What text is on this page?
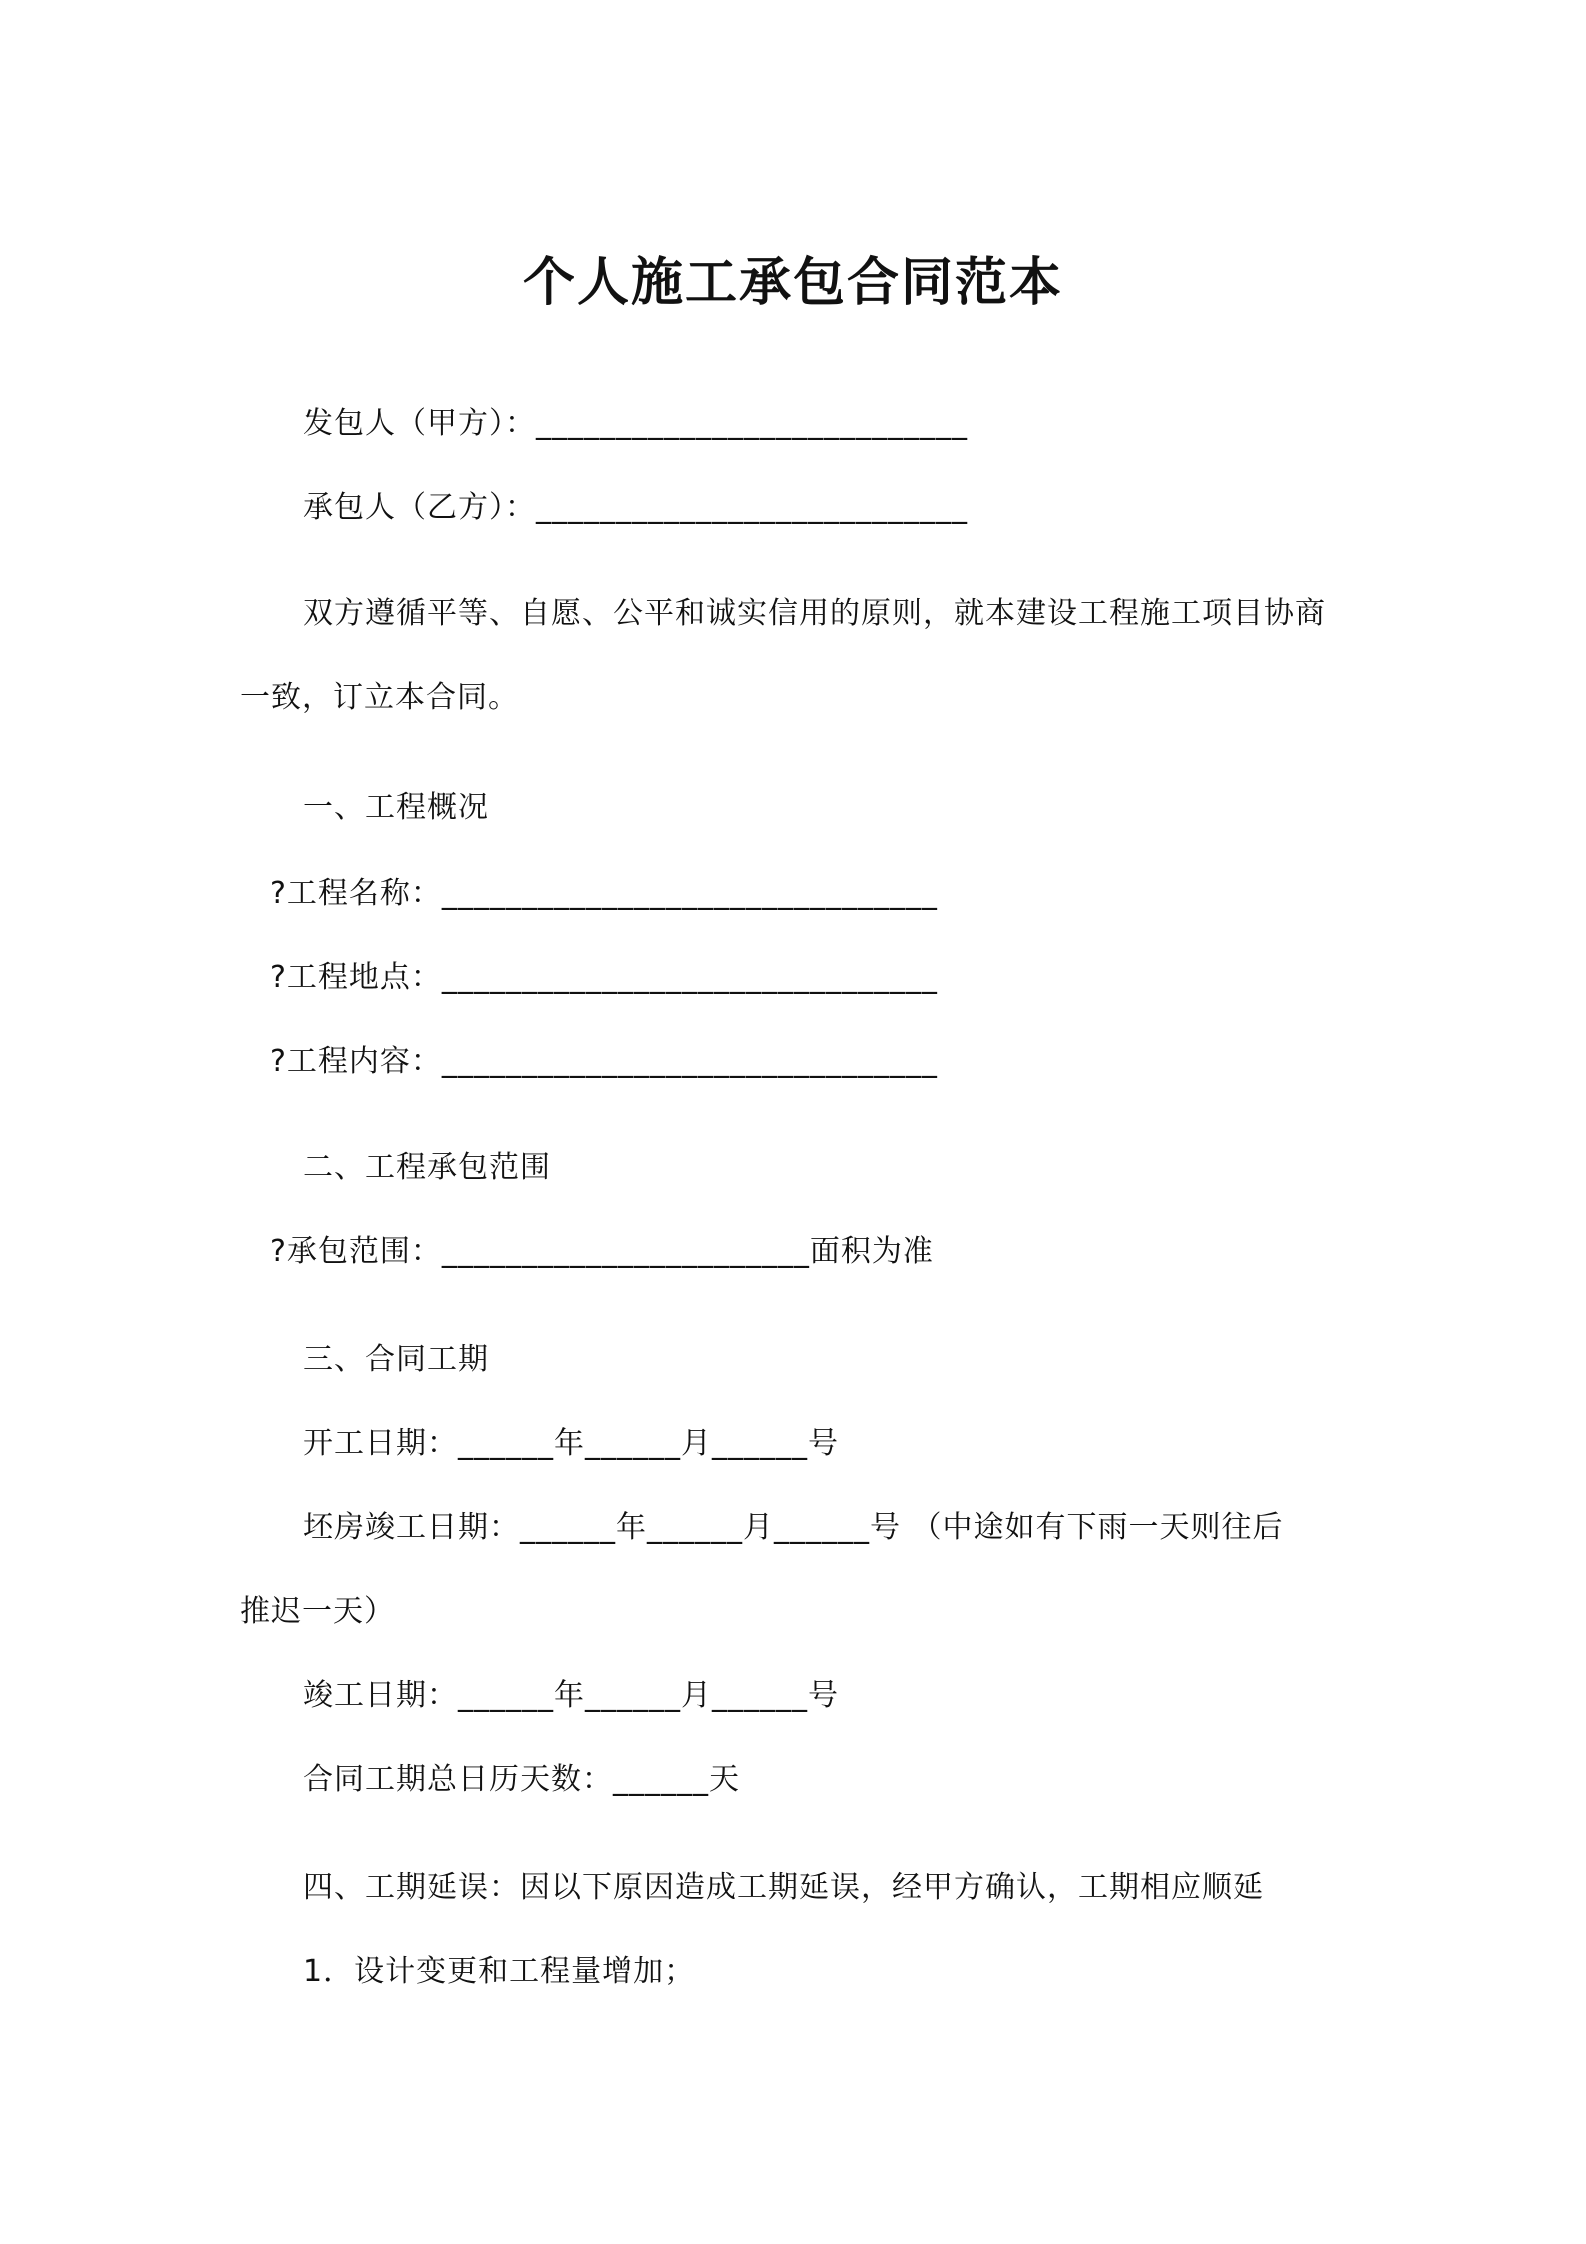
个人施工承包合同范本
发包人（甲方）：___________________________
承包人（乙方）：___________________________
双方遵循平等、自愿、公平和诚实信用的原则，就本建设工程施工项目协商
一致，订立本合同。
一、工程概况
?工程名称：_______________________________
?工程地点：_______________________________
?工程内容：_______________________________
二、工程承包范围
?承包范围：_______________________面积为准
三、合同工期
开工日期：______年______月______号
坯房竣工日期：______年______月______号 （中途如有下雨一天则往后
推迟一天）
竣工日期：______年______月______号
合同工期总日历天数：______天
四、工期延误：因以下原因造成工期延误，经甲方确认，工期相应顺延
1．设计变更和工程量增加；
